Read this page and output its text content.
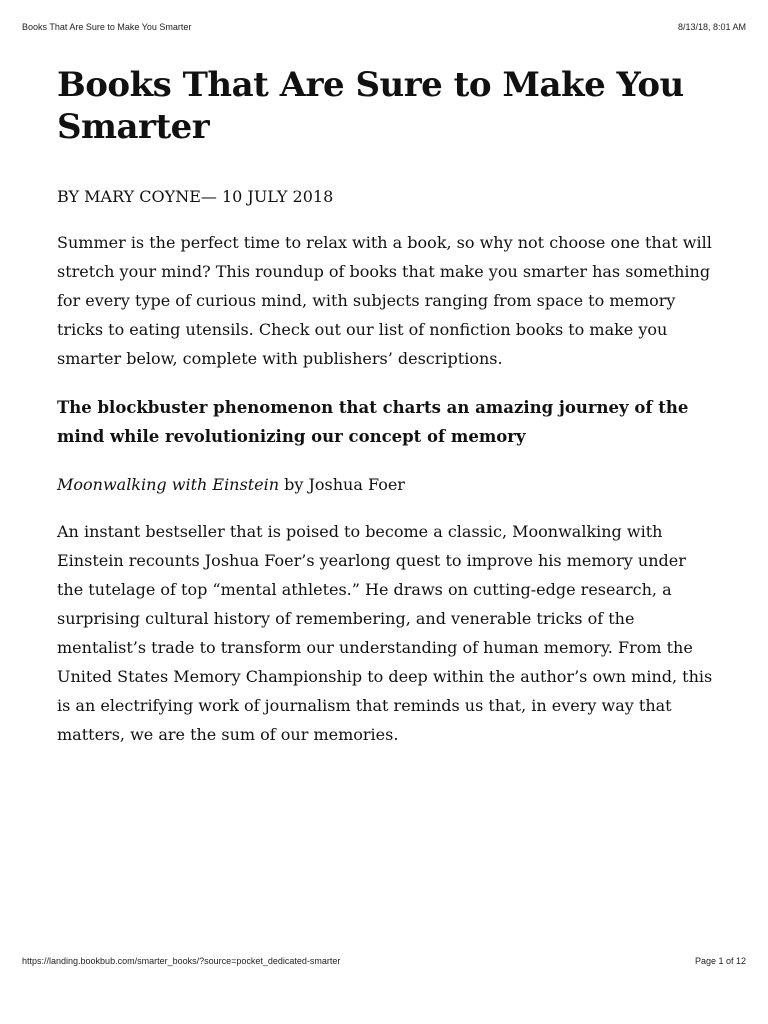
Books That Are Sure to Make You Smarter	8/13/18, 8:01 AM
Books That Are Sure to Make You Smarter
BY MARY COYNE— 10 JULY 2018

Summer is the perfect time to relax with a book, so why not choose one that will stretch your mind? This roundup of books that make you smarter has something for every type of curious mind, with subjects ranging from space to memory tricks to eating utensils. Check out our list of nonfiction books to make you smarter below, complete with publishers’ descriptions.

The blockbuster phenomenon that charts an amazing journey of the mind while revolutionizing our concept of memory
Moonwalking with Einstein by Joshua Foer

An instant bestseller that is poised to become a classic, Moonwalking with Einstein recounts Joshua Foer’s yearlong quest to improve his memory under the tutelage of top “mental athletes.” He draws on cutting-edge research, a surprising cultural history of remembering, and venerable tricks of the mentalist’s trade to transform our understanding of human memory. From the United States Memory Championship to deep within the author’s own mind, this is an electrifying work of journalism that reminds us that, in every way that matters, we are the sum of our memories.

https://landing.bookbub.com/smarter_books/?source=pocket_dedicated-smarter	Page 1 of 12
